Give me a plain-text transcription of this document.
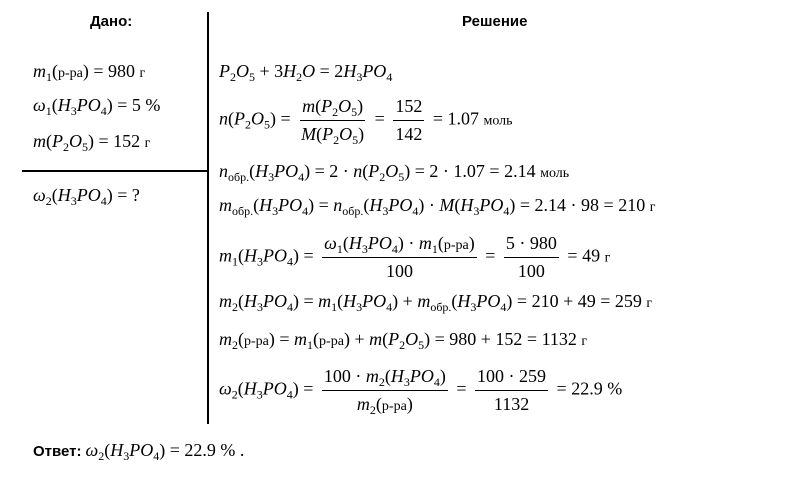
Дано:	Решение
$m_1(р-ра) = 980$ г
$\omega_1(H_3PO_4) = 5$ %
$m(P_2O_5) = 152$ г
$\omega_2(H_3PO_4)$ = ?
$P_2O_5 + 3H_2O = 2H_3PO_4$
$n(P_2O_5) = \frac{m(P_2O_5)}{M(P_2O_5)} = \frac{152}{142} = 1.07$ моль
$n_{обр.}(H_3PO_4) = 2 \cdot n(P_2O_5) = 2 \cdot 1.07 = 2.14$ моль
$m_{обр.}(H_3PO_4) = n_{обр.}(H_3PO_4) \cdot M(H_3PO_4) = 2.14 \cdot 98 = 210$ г
$m_1(H_3PO_4) = \frac{\omega_1(H_3PO_4) \cdot m_1(р-ра)}{100} = \frac{5 \cdot 980}{100} = 49$ г
$m_2(H_3PO_4) = m_1(H_3PO_4) + m_{обр.}(H_3PO_4) = 210 + 49 = 259$ г
$m_2(р-ра) = m_1(р-ра) + m(P_2O_5) = 980 + 152 = 1132$ г
$\omega_2(H_3PO_4) = \frac{100 \cdot m_2(H_3PO_4)}{m_2(р-ра)} = \frac{100 \cdot 259}{1132} = 22.9$ %
Ответ: $\omega_2(H_3PO_4) = 22.9$ % .
